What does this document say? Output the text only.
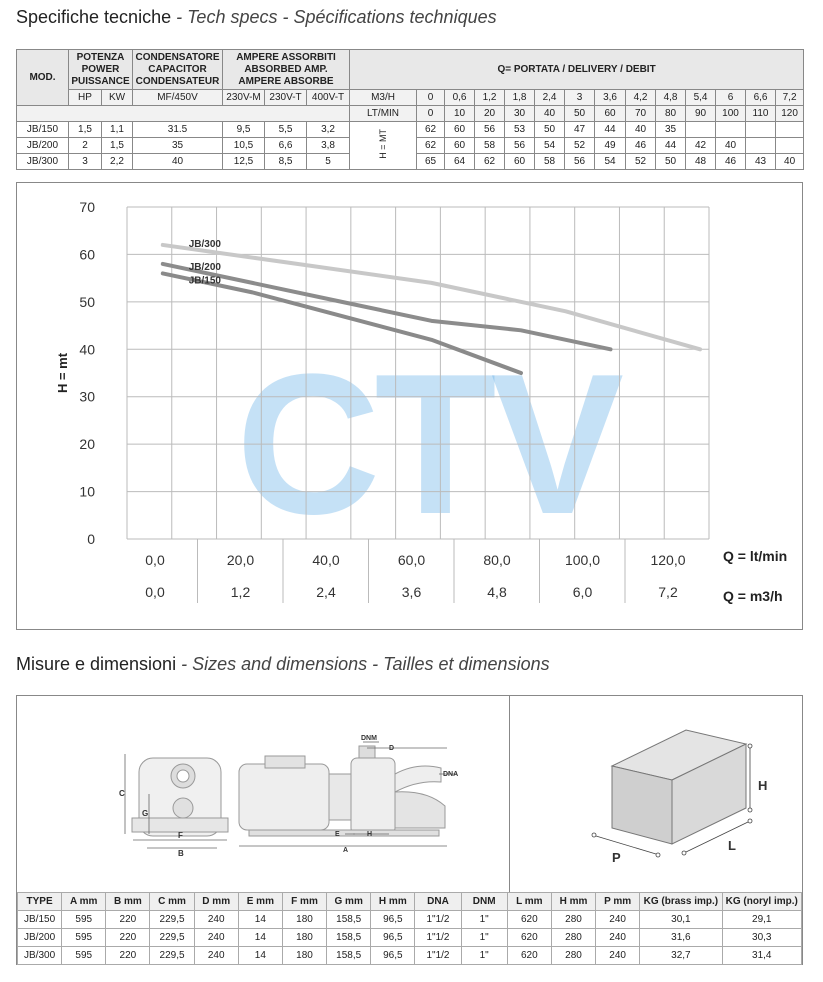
Specifiche tecniche - Tech specs - Spécifications techniques
MOD.	POTENZA
POWER
PUISSANCE		CONDENSATORE
CAPACITOR
CONDENSATEUR	AMPERE ASSORBITI
ABSORBED AMP.
AMPERE ABSORBE			Q= PORTATA / DELIVERY / DEBIT													
	HP	KW	MF/450V	230V-M	230V-T	400V-T	M3/H	0	0,6	1,2	1,8	2,4	3	3,6	4,2	4,8	5,4	6	6,6	7,2
							LT/MIN	0	10	20	30	40	50	60	70	80	90	100	110	120
JB/150	1,5	1,1	31.5	9,5	5,5	3,2	H = MT	62	60	56	53	50	47	44	40	35				
JB/200	2	1,5	35	10,5	6,6	3,8		62	60	58	56	54	52	49	46	44	42	40		
JB/300	3	2,2	40	12,5	8,5	5		65	64	62	60	58	56	54	52	50	48	46	43	40
CTV
70
60
50
40
30
20
10
0
H = mt
0,0	20,0	40,0	60,0	80,0	100,0	120,0
0,0	1,2	2,4	3,6	4,8	6,0	7,2
Q = lt/min
Q = m3/h
JB/300
JB/200
JB/150
Misure e dimensioni - Sizes and dimensions - Tailles et dimensions
C
G
F
B
DNM
D
DNA
E	H
A
H
L
P
TYPE	A mm	B mm	C mm	D mm	E mm	F mm	G mm	H mm	DNA	DNM	L mm	H mm	P mm	KG (brass imp.)	KG (noryl imp.)
JB/150	595	220	229,5	240	14	180	158,5	96,5	1"1/2	1"	620	280	240	30,1	29,1
JB/200	595	220	229,5	240	14	180	158,5	96,5	1"1/2	1"	620	280	240	31,6	30,3
JB/300	595	220	229,5	240	14	180	158,5	96,5	1"1/2	1"	620	280	240	32,7	31,4
